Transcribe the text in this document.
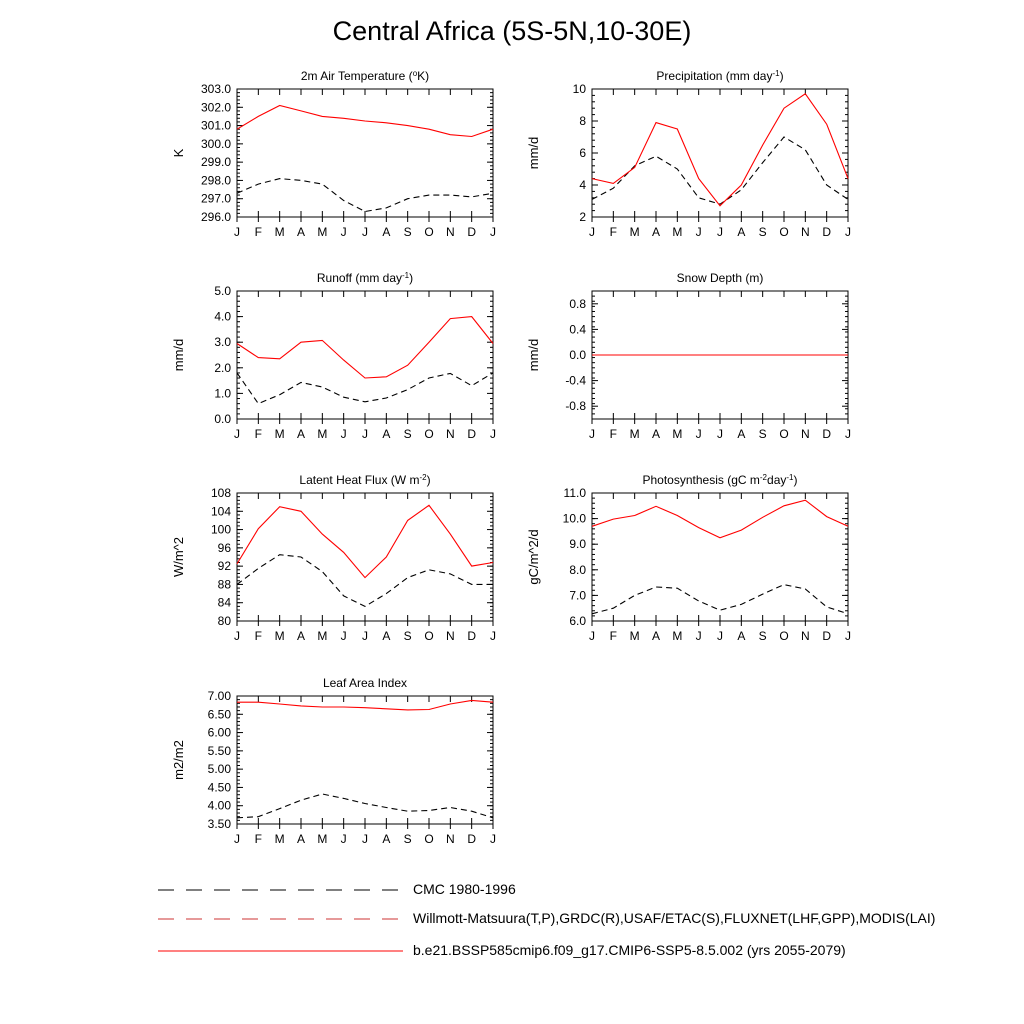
Central Africa (5S-5N,10-30E)
296.0
297.0
298.0
299.0
300.0
301.0
302.0
303.0
J F M A M J J A S O N D J
2m Air Temperature ($^o$K)
K
2
4
6
8
10
J F M A M J J A S O N D J
Precipitation (mm day$^{-1}$)
mm/d
0.0
1.0
2.0
3.0
4.0
5.0
J F M A M J J A S O N D J
Runoff (mm day$^{-1}$)
mm/d
-0.8
-0.4
0.0
0.4
0.8
J F M A M J J A S O N D J
Snow Depth (m)
mm/d
80
84
88
92
96
100
104
108
J F M A M J J A S O N D J
Latent Heat Flux (W $m^{-2}$)
W/m^2
6.0
7.0
8.0
9.0
10.0
11.0
J F M A M J J A S O N D J
Photosynthesis (gC $m^{-2}day^{-1}$)
gC/m^2/d
3.50
4.00
4.50
5.00
5.50
6.00
6.50
7.00
J F M A M J J A S O N D J
Leaf Area Index
m2/m2
CMC 1980-1996
Willmott-Matsuura(T,P),GRDC(R),USAF/ETAC(S),FLUXNET(LHF,GPP),MODIS(LAI)
b.e21.BSSP585cmip6.f09_g17.CMIP6-SSP5-8.5.002 (yrs 2055-2079)
